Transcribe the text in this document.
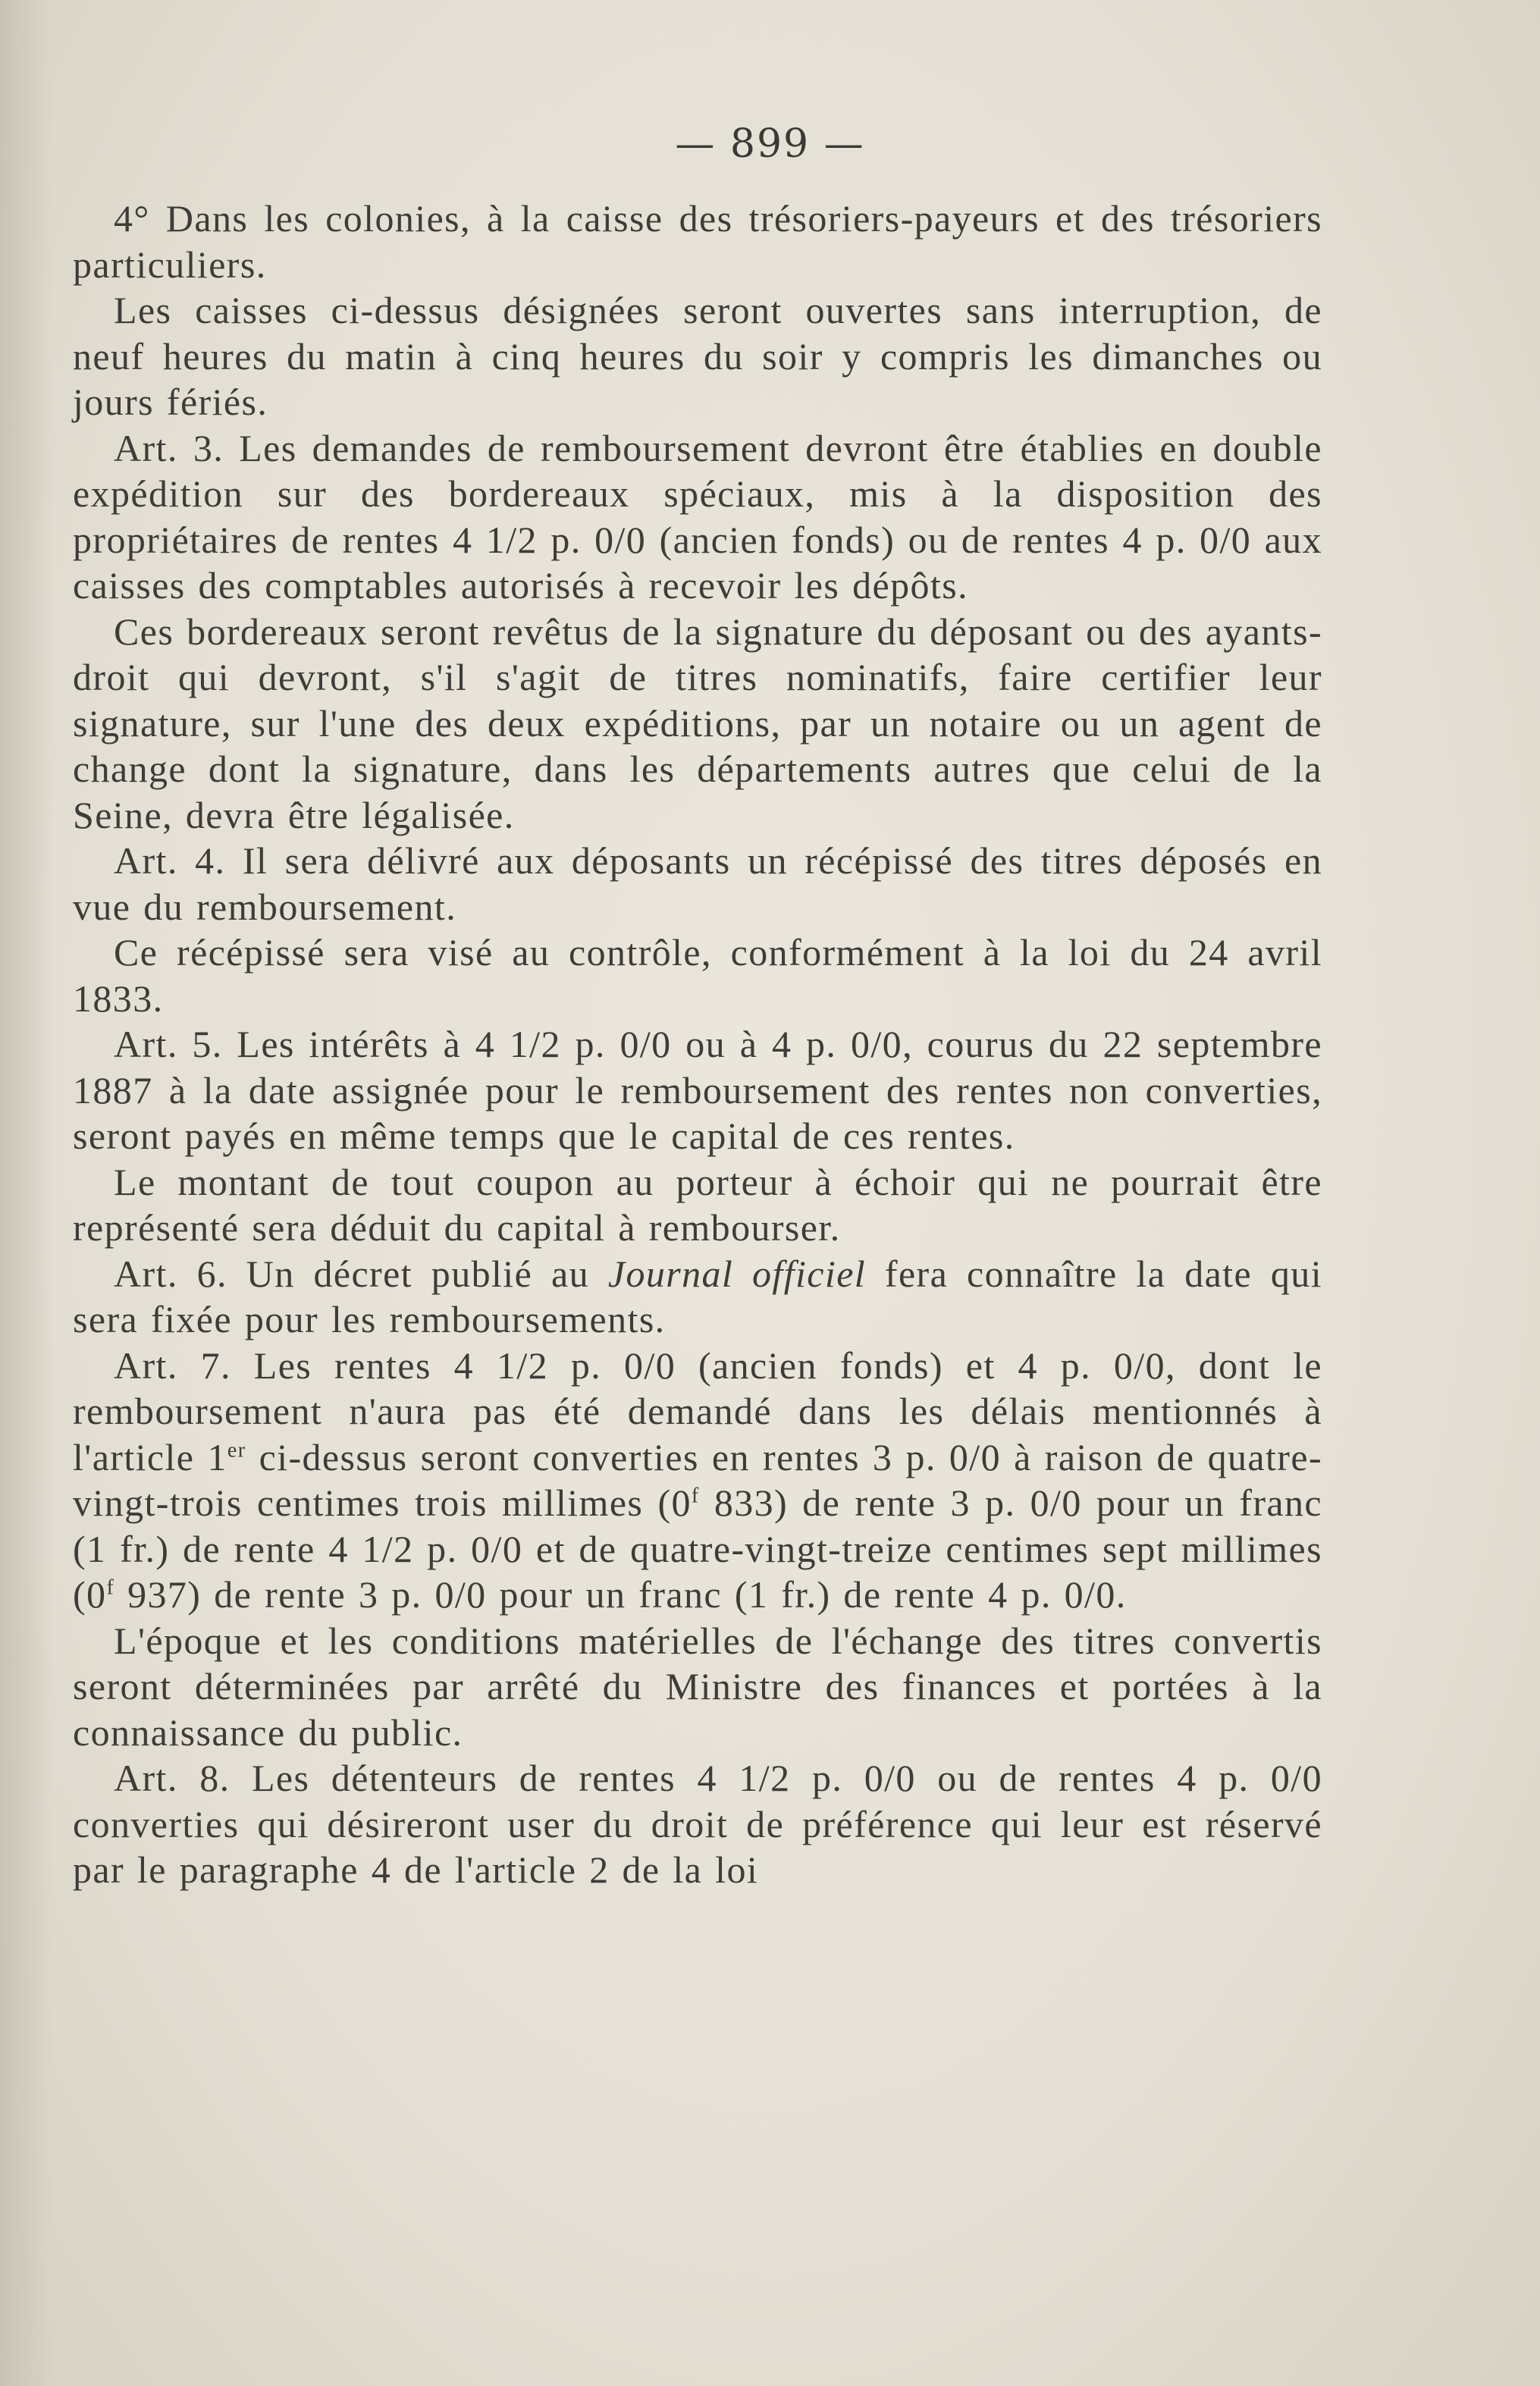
— 899 —

4° Dans les colonies, à la caisse des trésoriers-payeurs et des trésoriers particuliers.

Les caisses ci-dessus désignées seront ouvertes sans interruption, de neuf heures du matin à cinq heures du soir y compris les dimanches ou jours fériés.

Art. 3. Les demandes de remboursement devront être établies en double expédition sur des bordereaux spéciaux, mis à la disposition des propriétaires de rentes 4 1/2 p. 0/0 (ancien fonds) ou de rentes 4 p. 0/0 aux caisses des comptables autorisés à recevoir les dépôts.

Ces bordereaux seront revêtus de la signature du déposant ou des ayants-droit qui devront, s'il s'agit de titres nominatifs, faire certifier leur signature, sur l'une des deux expéditions, par un notaire ou un agent de change dont la signature, dans les départements autres que celui de la Seine, devra être légalisée.

Art. 4. Il sera délivré aux déposants un récépissé des titres déposés en vue du remboursement.

Ce récépissé sera visé au contrôle, conformément à la loi du 24 avril 1833.

Art. 5. Les intérêts à 4 1/2 p. 0/0 ou à 4 p. 0/0, courus du 22 septembre 1887 à la date assignée pour le remboursement des rentes non converties, seront payés en même temps que le capital de ces rentes.

Le montant de tout coupon au porteur à échoir qui ne pourrait être représenté sera déduit du capital à rembourser.

Art. 6. Un décret publié au Journal officiel fera connaître la date qui sera fixée pour les remboursements.

Art. 7. Les rentes 4 1/2 p. 0/0 (ancien fonds) et 4 p. 0/0, dont le remboursement n'aura pas été demandé dans les délais mentionnés à l'article 1er ci-dessus seront converties en rentes 3 p. 0/0 à raison de quatre-vingt-trois centimes trois millimes (0$^f$ 833) de rente 3 p. 0/0 pour un franc (1 fr.) de rente 4 1/2 p. 0/0 et de quatre-vingt-treize centimes sept millimes (0$^f$ 937) de rente 3 p. 0/0 pour un franc (1 fr.) de rente 4 p. 0/0.

L'époque et les conditions matérielles de l'échange des titres convertis seront déterminées par arrêté du Ministre des finances et portées à la connaissance du public.

Art. 8. Les détenteurs de rentes 4 1/2 p. 0/0 ou de rentes 4 p. 0/0 converties qui désireront user du droit de préférence qui leur est réservé par le paragraphe 4 de l'article 2 de la loi
